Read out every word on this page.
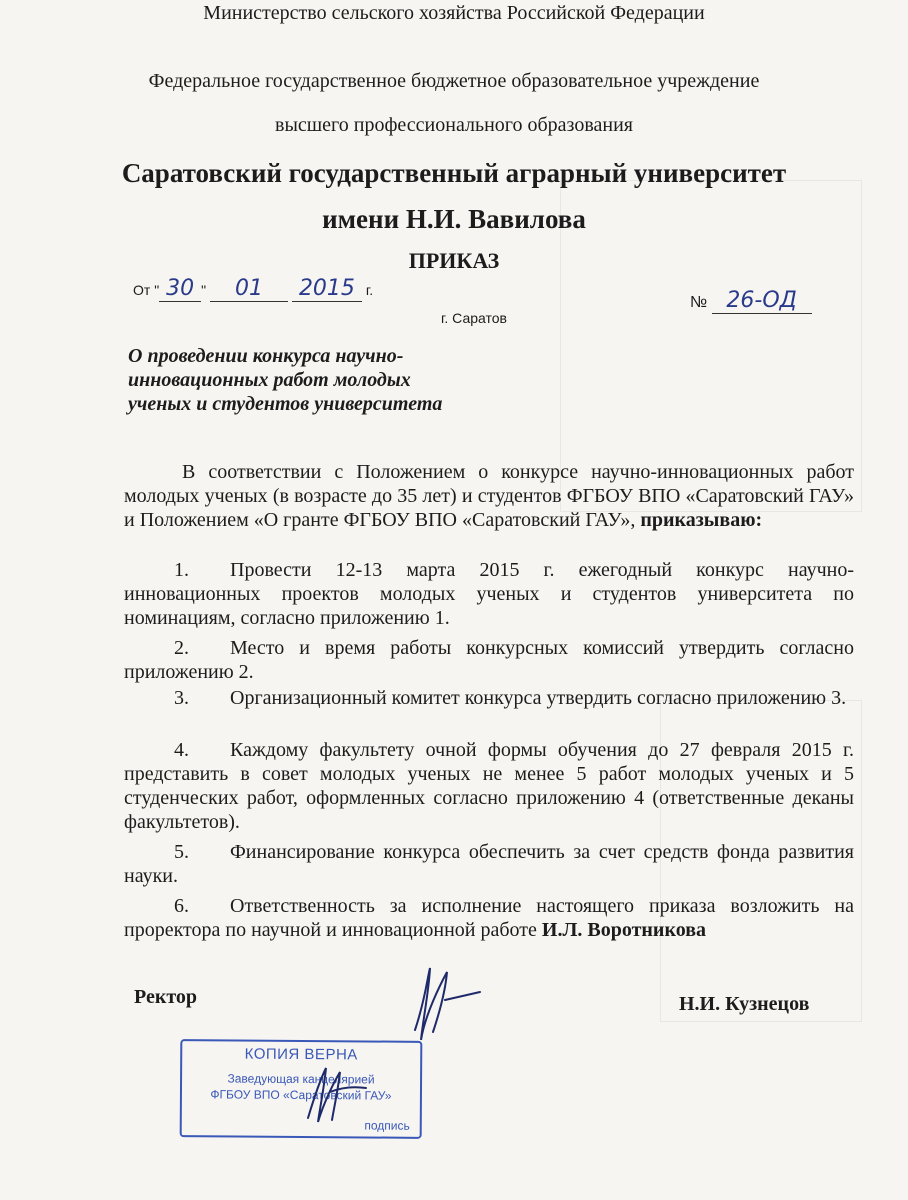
Министерство сельского хозяйства Российской Федерации
Федеральное государственное бюджетное образовательное учреждение
высшего профессионального образования
Саратовский государственный аграрный университет
имени Н.И. Вавилова
ПРИКАЗ
От " 30 " 01 2015 г.
№ 26-ОД
г. Саратов
О проведении конкурса научно-
инновационных работ молодых
ученых и студентов университета
В соответствии с Положением о конкурсе научно-инновационных работ молодых ученых (в возрасте до 35 лет) и студентов ФГБОУ ВПО «Саратовский ГАУ» и Положением «О гранте ФГБОУ ВПО «Саратовский ГАУ», приказываю:
1. Провести 12-13 марта 2015 г. ежегодный конкурс научно-инновационных проектов молодых ученых и студентов университета по номинациям, согласно приложению 1.
2. Место и время работы конкурсных комиссий утвердить согласно приложению 2.
3. Организационный комитет конкурса утвердить согласно приложению 3.
4. Каждому факультету очной формы обучения до 27 февраля 2015 г. представить в совет молодых ученых не менее 5 работ молодых ученых и 5 студенческих работ, оформленных согласно приложению 4 (ответственные деканы факультетов).
5. Финансирование конкурса обеспечить за счет средств фонда развития науки.
6. Ответственность за исполнение настоящего приказа возложить на проректора по научной и инновационной работе И.Л. Воротникова
Ректор	Н.И. Кузнецов
КОПИЯ ВЕРНА
Заведующая канцелярией
ФГБОУ ВПО «Саратовский ГАУ»
подпись
